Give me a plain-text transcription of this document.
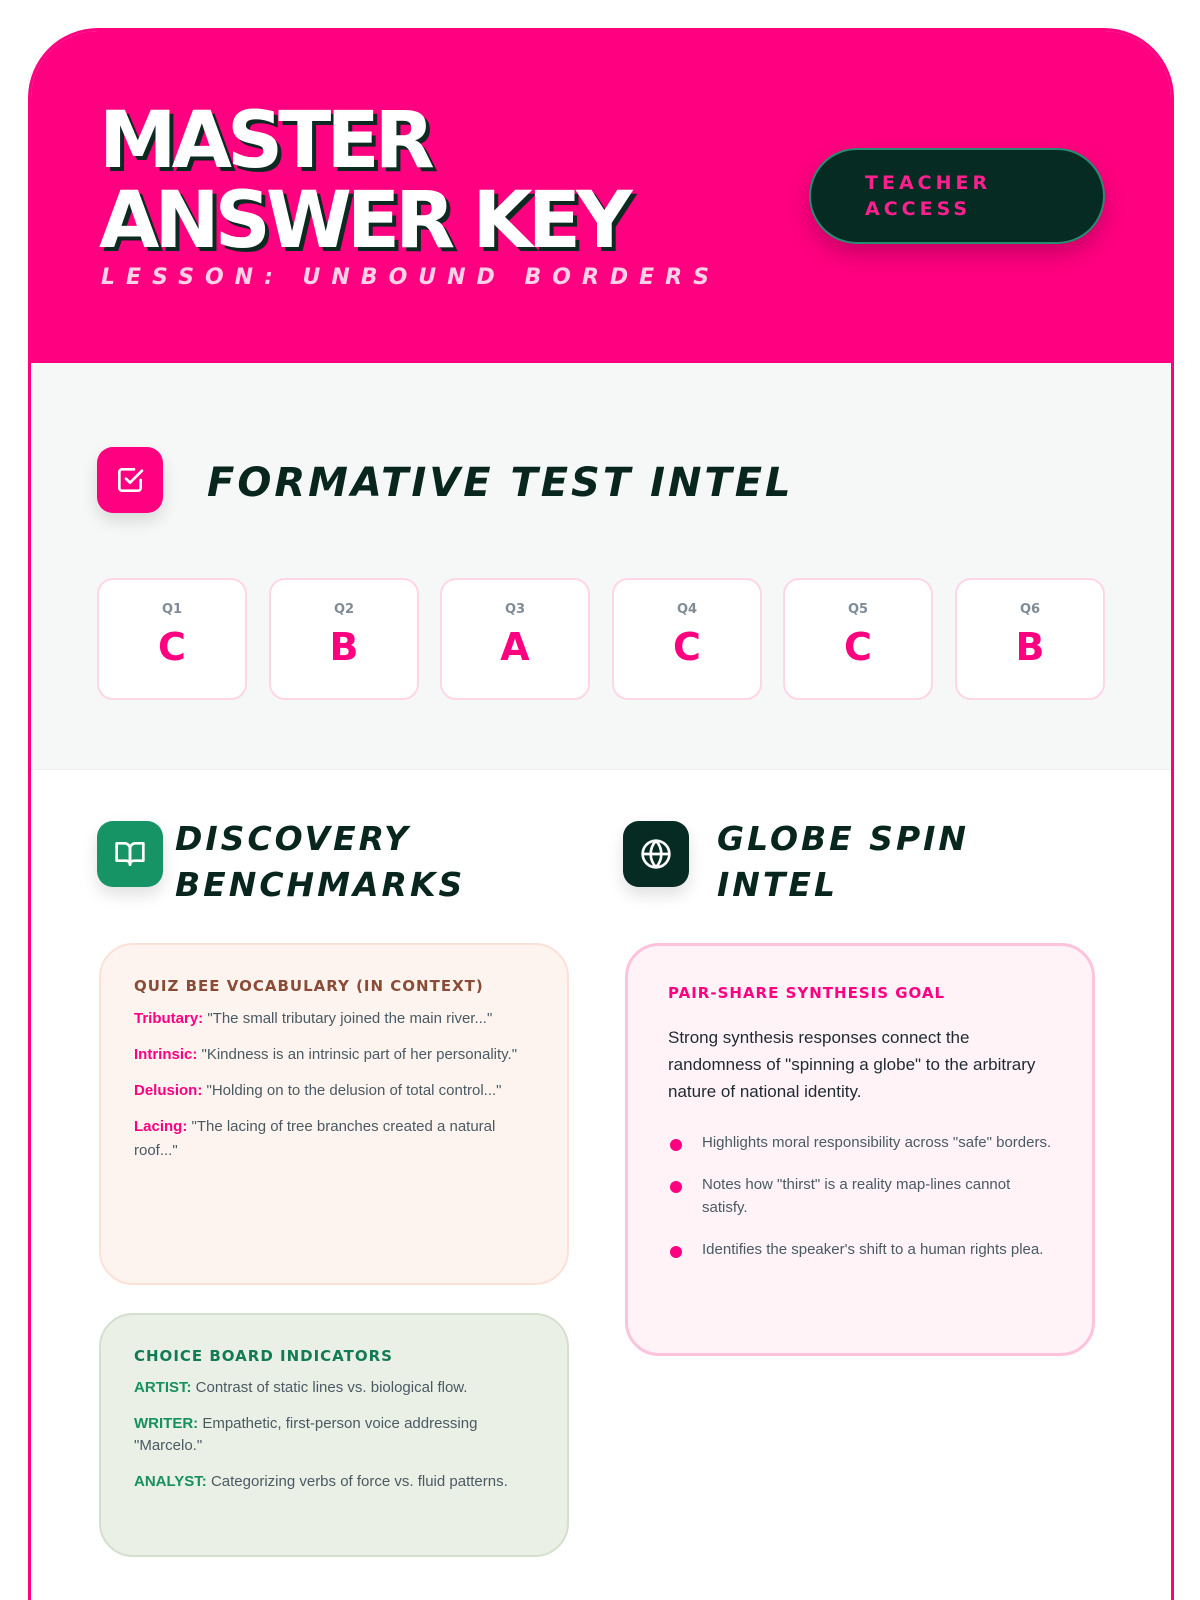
MASTER
ANSWER KEY
LESSON: UNBOUND BORDERS
TEACHER ACCESS
FORMATIVE TEST INTEL
Q1
C
Q2
B
Q3
A
Q4
C
Q5
C
Q6
B
DISCOVERY
BENCHMARKS
QUIZ BEE VOCABULARY (IN CONTEXT)
Tributary: "The small tributary joined the main river..."
Intrinsic: "Kindness is an intrinsic part of her personality."
Delusion: "Holding on to the delusion of total control..."
Lacing: "The lacing of tree branches created a natural roof..."
CHOICE BOARD INDICATORS
ARTIST: Contrast of static lines vs. biological flow.
WRITER: Empathetic, first-person voice addressing "Marcelo."
ANALYST: Categorizing verbs of force vs. fluid patterns.
GLOBE SPIN
INTEL
PAIR-SHARE SYNTHESIS GOAL
Strong synthesis responses connect the randomness of "spinning a globe" to the arbitrary nature of national identity.
Highlights moral responsibility across "safe" borders.
Notes how "thirst" is a reality map-lines cannot satisfy.
Identifies the speaker's shift to a human rights plea.
